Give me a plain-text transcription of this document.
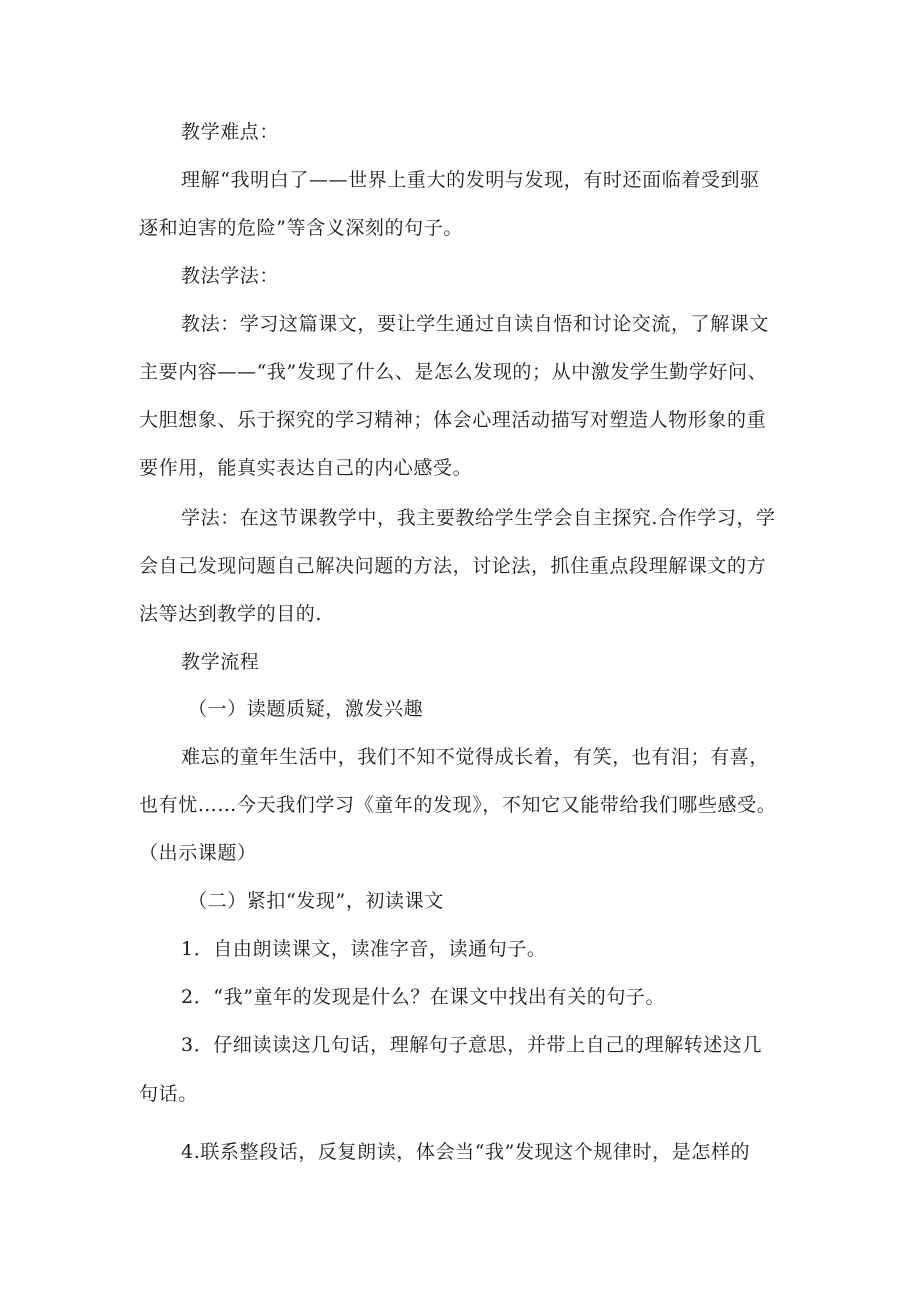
教学难点：
理解“我明白了——世界上重大的发明与发现，有时还面临着受到驱
逐和迫害的危险”等含义深刻的句子。
教法学法：
教法：学习这篇课文，要让学生通过自读自悟和讨论交流，了解课文
主要内容——“我”发现了什么、是怎么发现的；从中激发学生勤学好问、
大胆想象、乐于探究的学习精神；体会心理活动描写对塑造人物形象的重
要作用，能真实表达自己的内心感受。
学法：在这节课教学中，我主要教给学生学会自主探究.合作学习，学
会自己发现问题自己解决问题的方法，讨论法，抓住重点段理解课文的方
法等达到教学的目的.
教学流程
（一）读题质疑，激发兴趣
难忘的童年生活中，我们不知不觉得成长着，有笑，也有泪；有喜，
也有忧……今天我们学习《童年的发现》，不知它又能带给我们哪些感受。
（出示课题）
（二）紧扣“发现”，初读课文
1．自由朗读课文，读准字音，读通句子。
2．“我”童年的发现是什么？在课文中找出有关的句子。
3．仔细读读这几句话，理解句子意思，并带上自己的理解转述这几
句话。
4.联系整段话，反复朗读，体会当“我”发现这个规律时，是怎样的
